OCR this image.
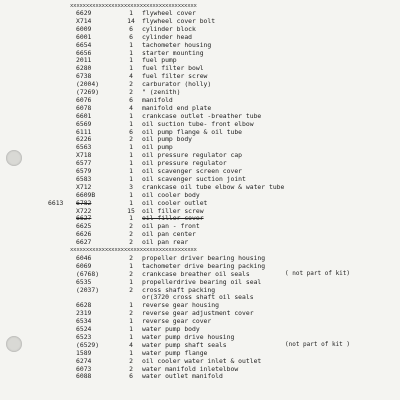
xxxxxxxxxxxxxxxxxxxxxxxxxxxxxxxxxxxxxxxx
6629	1	flywheel cover
X714	14 flywheel cover bolt
6009	6	cylinder block
6001	6	cylinder head
6654	1	tachometer housing
6656	1	starter mounting
2011	1	fuel pump
6280	1	fuel filter bowl
6738	4	fuel filter screw
(2004)	2	carburator (holly)
(7269)	2	" (zenith)
6076	6	manifold
6078	4	manifold end plate
6601	1	crankcase outlet -breather tube
6569	1	oil suction tube- front elbow
6111	6	oil pump flange & oil tube
6226	2	oil pump body
6563	1	oil pump
X718	1	oil pressure regulator cap
6577	1	oil pressure regulator
6579	1	oil scavenger screen cover
6583	1	oil scavenger suction joint
X712	3	crankcase oil tube elbow & water tube
6609B	1	oil cooler body
6613 6782	1	oil cooler outlet
X722	15 oil filler screw
6627	1	oil filler cover
6625	2	oil pan - front
6626	2	oil pan center
6627	2	oil pan rear
xxxxxxxxxxxxxxxxxxxxxxxxxxxxxxxxxxxxxxxx
6046	2	propeller driver bearing housing
6069	1	tachometer drive bearing packing
(6768)	2	crankcase breather oil seals	( not part of kit)
6535	1	propellerdrive bearing oil seal
(2037)	2	cross shaft packing
or(3720 cross shaft oil seals
6628	1	reverse gear housing
2319	2	reverse gear adjustment cover
6534	1	reverse gear cover
6524	1	water pump body
6523	1	water pump drive housing
(6529)	4	water pump shaft seals	(not part of kit )
1589	1	water pump flange
6274	2	oil cooler water inlet & outlet
6073	2	water manifold inletelbow
6088	6	water outlet manifold
